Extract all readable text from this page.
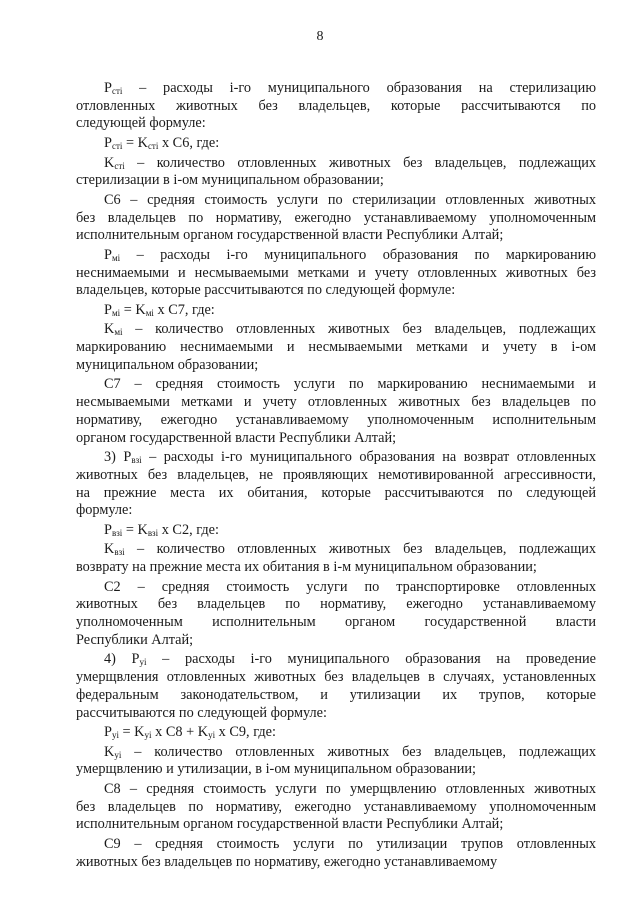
8
$P_{сті}$ – расходы і-го муниципального образования на стерилизацию
отловленных животных без владельцев, которые рассчитываются по
следующей формуле:
$P_{сті} = K_{сті}$ x C6, где:
$K_{сті}$ – количество отловленных животных без владельцев, подлежащих
стерилизации в і-ом муниципальном образовании;
C6 – средняя стоимость услуги по стерилизации отловленных животных
без владельцев по нормативу, ежегодно устанавливаемому уполномоченным
исполнительным органом государственной власти Республики Алтай;
$P_{мі}$ – расходы і-го муниципального образования по маркированию
неснимаемыми и несмываемыми метками и учету отловленных животных без
владельцев, которые рассчитываются по следующей формуле:
$P_{мі} = K_{мі}$ x C7, где:
$K_{мі}$ – количество отловленных животных без владельцев, подлежащих
маркированию неснимаемыми и несмываемыми метками и учету в і-ом
муниципальном образовании;
C7 – средняя стоимость услуги по маркированию неснимаемыми и
несмываемыми метками и учету отловленных животных без владельцев по
нормативу, ежегодно устанавливаемому уполномоченным исполнительным
органом государственной власти Республики Алтай;
3) $P_{взі}$ – расходы і-го муниципального образования на возврат отловленных
животных без владельцев, не проявляющих немотивированной агрессивности,
на прежние места их обитания, которые рассчитываются по следующей
формуле:
$P_{взі} = K_{взі}$ x C2, где:
$K_{взі}$ – количество отловленных животных без владельцев, подлежащих
возврату на прежние места их обитания в і-м муниципальном образовании;
C2 – средняя стоимость услуги по транспортировке отловленных
животных без владельцев по нормативу, ежегодно устанавливаемому
уполномоченным исполнительным органом государственной власти
Республики Алтай;
4) $P_{уі}$ – расходы і-го муниципального образования на проведение
умерщвления отловленных животных без владельцев в случаях, установленных
федеральным законодательством, и утилизации их трупов, которые
рассчитываются по следующей формуле:
$P_{уі} = K_{уі}$ x $C8 + K_{уі}$ x C9, где:
$K_{уі}$ – количество отловленных животных без владельцев, подлежащих
умерщвлению и утилизации, в і-ом муниципальном образовании;
C8 – средняя стоимость услуги по умерщвлению отловленных животных
без владельцев по нормативу, ежегодно устанавливаемому уполномоченным
исполнительным органом государственной власти Республики Алтай;
C9 – средняя стоимость услуги по утилизации трупов отловленных
животных без владельцев по нормативу, ежегодно устанавливаемому
